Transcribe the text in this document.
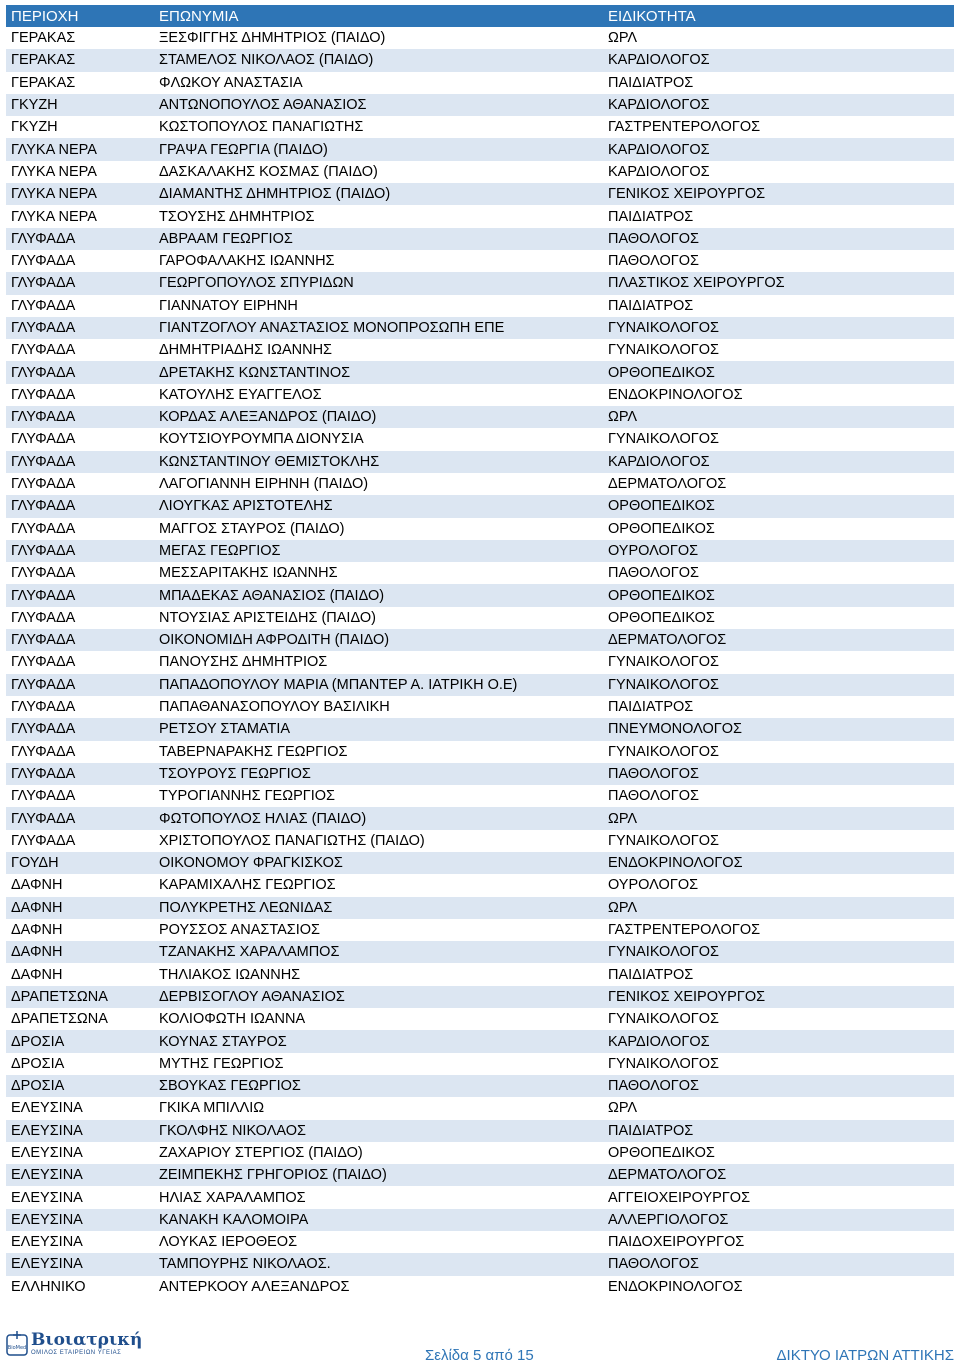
ΠΕΡΙΟΧΗ	ΕΠΩΝΥΜΙΑ	ΕΙΔΙΚΟΤΗΤΑ
ΓΕΡΑΚΑΣ	ΞΕΣΦΙΓΓΗΣ ΔΗΜΗΤΡΙΟΣ (ΠΑΙΔΟ)	ΩΡΛ
ΓΕΡΑΚΑΣ	ΣΤΑΜΕΛΟΣ ΝΙΚΟΛΑΟΣ (ΠΑΙΔΟ)	ΚΑΡΔΙΟΛΟΓΟΣ
ΓΕΡΑΚΑΣ	ΦΛΩΚΟΥ ΑΝΑΣΤΑΣΙΑ	ΠΑΙΔΙΑΤΡΟΣ
ΓΚΥΖΗ	ΑΝΤΩΝΟΠΟΥΛΟΣ ΑΘΑΝΑΣΙΟΣ	ΚΑΡΔΙΟΛΟΓΟΣ
ΓΚΥΖΗ	ΚΩΣΤΟΠΟΥΛΟΣ ΠΑΝΑΓΙΩΤΗΣ	ΓΑΣΤΡΕΝΤΕΡΟΛΟΓΟΣ
ΓΛΥΚΑ ΝΕΡΑ	ΓΡΑΨΑ ΓΕΩΡΓΙΑ (ΠΑΙΔΟ)	ΚΑΡΔΙΟΛΟΓΟΣ
ΓΛΥΚΑ ΝΕΡΑ	ΔΑΣΚΑΛΑΚΗΣ ΚΟΣΜΑΣ (ΠΑΙΔΟ)	ΚΑΡΔΙΟΛΟΓΟΣ
ΓΛΥΚΑ ΝΕΡΑ	ΔΙΑΜΑΝΤΗΣ ΔΗΜΗΤΡΙΟΣ (ΠΑΙΔΟ)	ΓΕΝΙΚΟΣ ΧΕΙΡΟΥΡΓΟΣ
ΓΛΥΚΑ ΝΕΡΑ	ΤΣΟΥΣΗΣ ΔΗΜΗΤΡΙΟΣ	ΠΑΙΔΙΑΤΡΟΣ
ΓΛΥΦΑΔΑ	ΑΒΡΑΑΜ ΓΕΩΡΓΙΟΣ	ΠΑΘΟΛΟΓΟΣ
ΓΛΥΦΑΔΑ	ΓΑΡΟΦΑΛΑΚΗΣ ΙΩΑΝΝΗΣ	ΠΑΘΟΛΟΓΟΣ
ΓΛΥΦΑΔΑ	ΓΕΩΡΓΟΠΟΥΛΟΣ ΣΠΥΡΙΔΩΝ	ΠΛΑΣΤΙΚΟΣ ΧΕΙΡΟΥΡΓΟΣ
ΓΛΥΦΑΔΑ	ΓΙΑΝΝΑΤΟΥ ΕΙΡΗΝΗ	ΠΑΙΔΙΑΤΡΟΣ
ΓΛΥΦΑΔΑ	ΓΙΑΝΤΖΟΓΛΟΥ ΑΝΑΣΤΑΣΙΟΣ ΜΟΝΟΠΡΟΣΩΠΗ ΕΠΕ	ΓΥΝΑΙΚΟΛΟΓΟΣ
ΓΛΥΦΑΔΑ	ΔΗΜΗΤΡΙΑΔΗΣ ΙΩΑΝΝΗΣ	ΓΥΝΑΙΚΟΛΟΓΟΣ
ΓΛΥΦΑΔΑ	ΔΡΕΤΑΚΗΣ ΚΩΝΣΤΑΝΤΙΝΟΣ	ΟΡΘΟΠΕΔΙΚΟΣ
ΓΛΥΦΑΔΑ	ΚΑΤΟΥΛΗΣ ΕΥΑΓΓΕΛΟΣ	ΕΝΔΟΚΡΙΝΟΛΟΓΟΣ
ΓΛΥΦΑΔΑ	ΚΟΡΔΑΣ ΑΛΕΞΑΝΔΡΟΣ (ΠΑΙΔΟ)	ΩΡΛ
ΓΛΥΦΑΔΑ	ΚΟΥΤΣΙΟΥΡΟΥΜΠΑ ΔΙΟΝΥΣΙΑ	ΓΥΝΑΙΚΟΛΟΓΟΣ
ΓΛΥΦΑΔΑ	ΚΩΝΣΤΑΝΤΙΝΟΥ ΘΕΜΙΣΤΟΚΛΗΣ	ΚΑΡΔΙΟΛΟΓΟΣ
ΓΛΥΦΑΔΑ	ΛΑΓΟΓΙΑΝΝΗ ΕΙΡΗΝΗ (ΠΑΙΔΟ)	ΔΕΡΜΑΤΟΛΟΓΟΣ
ΓΛΥΦΑΔΑ	ΛΙΟΥΓΚΑΣ ΑΡΙΣΤΟΤΕΛΗΣ	ΟΡΘΟΠΕΔΙΚΟΣ
ΓΛΥΦΑΔΑ	ΜΑΓΓΟΣ ΣΤΑΥΡΟΣ (ΠΑΙΔΟ)	ΟΡΘΟΠΕΔΙΚΟΣ
ΓΛΥΦΑΔΑ	ΜΕΓΑΣ ΓΕΩΡΓΙΟΣ	ΟΥΡΟΛΟΓΟΣ
ΓΛΥΦΑΔΑ	ΜΕΣΣΑΡΙΤΑΚΗΣ ΙΩΑΝΝΗΣ	ΠΑΘΟΛΟΓΟΣ
ΓΛΥΦΑΔΑ	ΜΠΑΔΕΚΑΣ ΑΘΑΝΑΣΙΟΣ (ΠΑΙΔΟ)	ΟΡΘΟΠΕΔΙΚΟΣ
ΓΛΥΦΑΔΑ	ΝΤΟΥΣΙΑΣ ΑΡΙΣΤΕΙΔΗΣ (ΠΑΙΔΟ)	ΟΡΘΟΠΕΔΙΚΟΣ
ΓΛΥΦΑΔΑ	ΟΙΚΟΝΟΜΙΔΗ ΑΦΡΟΔΙΤΗ (ΠΑΙΔΟ)	ΔΕΡΜΑΤΟΛΟΓΟΣ
ΓΛΥΦΑΔΑ	ΠΑΝΟΥΣΗΣ ΔΗΜΗΤΡΙΟΣ	ΓΥΝΑΙΚΟΛΟΓΟΣ
ΓΛΥΦΑΔΑ	ΠΑΠΑΔΟΠΟΥΛΟΥ ΜΑΡΙΑ (ΜΠΑΝΤΕΡ Α. ΙΑΤΡΙΚΗ Ο.Ε)	ΓΥΝΑΙΚΟΛΟΓΟΣ
ΓΛΥΦΑΔΑ	ΠΑΠΑΘΑΝΑΣΟΠΟΥΛΟΥ ΒΑΣΙΛΙΚΗ	ΠΑΙΔΙΑΤΡΟΣ
ΓΛΥΦΑΔΑ	ΡΕΤΣΟΥ ΣΤΑΜΑΤΙΑ	ΠΝΕΥΜΟΝΟΛΟΓΟΣ
ΓΛΥΦΑΔΑ	ΤΑΒΕΡΝΑΡΑΚΗΣ ΓΕΩΡΓΙΟΣ	ΓΥΝΑΙΚΟΛΟΓΟΣ
ΓΛΥΦΑΔΑ	ΤΣΟΥΡΟΥΣ ΓΕΩΡΓΙΟΣ	ΠΑΘΟΛΟΓΟΣ
ΓΛΥΦΑΔΑ	ΤΥΡΟΓΙΑΝΝΗΣ ΓΕΩΡΓΙΟΣ	ΠΑΘΟΛΟΓΟΣ
ΓΛΥΦΑΔΑ	ΦΩΤΟΠΟΥΛΟΣ ΗΛΙΑΣ (ΠΑΙΔΟ)	ΩΡΛ
ΓΛΥΦΑΔΑ	ΧΡΙΣΤΟΠΟΥΛΟΣ ΠΑΝΑΓΙΩΤΗΣ (ΠΑΙΔΟ)	ΓΥΝΑΙΚΟΛΟΓΟΣ
ΓΟΥΔΗ	ΟΙΚΟΝΟΜΟΥ ΦΡΑΓΚΙΣΚΟΣ	ΕΝΔΟΚΡΙΝΟΛΟΓΟΣ
ΔΑΦΝΗ	ΚΑΡΑΜΙΧΑΛΗΣ ΓΕΩΡΓΙΟΣ	ΟΥΡΟΛΟΓΟΣ
ΔΑΦΝΗ	ΠΟΛΥΚΡΕΤΗΣ ΛΕΩΝΙΔΑΣ	ΩΡΛ
ΔΑΦΝΗ	ΡΟΥΣΣΟΣ ΑΝΑΣΤΑΣΙΟΣ	ΓΑΣΤΡΕΝΤΕΡΟΛΟΓΟΣ
ΔΑΦΝΗ	ΤΖΑΝΑΚΗΣ ΧΑΡΑΛΑΜΠΟΣ	ΓΥΝΑΙΚΟΛΟΓΟΣ
ΔΑΦΝΗ	ΤΗΛΙΑΚΟΣ ΙΩΑΝΝΗΣ	ΠΑΙΔΙΑΤΡΟΣ
ΔΡΑΠΕΤΣΩΝΑ	ΔΕΡΒΙΣΟΓΛΟΥ ΑΘΑΝΑΣΙΟΣ	ΓΕΝΙΚΟΣ ΧΕΙΡΟΥΡΓΟΣ
ΔΡΑΠΕΤΣΩΝΑ	ΚΟΛΙΟΦΩΤΗ ΙΩΑΝΝΑ	ΓΥΝΑΙΚΟΛΟΓΟΣ
ΔΡΟΣΙΑ	ΚΟΥΝΑΣ ΣΤΑΥΡΟΣ	ΚΑΡΔΙΟΛΟΓΟΣ
ΔΡΟΣΙΑ	ΜΥΤΗΣ ΓΕΩΡΓΙΟΣ	ΓΥΝΑΙΚΟΛΟΓΟΣ
ΔΡΟΣΙΑ	ΣΒΟΥΚΑΣ ΓΕΩΡΓΙΟΣ	ΠΑΘΟΛΟΓΟΣ
ΕΛΕΥΣΙΝΑ	ΓΚΙΚΑ ΜΠΙΛΛΙΩ	ΩΡΛ
ΕΛΕΥΣΙΝΑ	ΓΚΟΛΦΗΣ ΝΙΚΟΛΑΟΣ	ΠΑΙΔΙΑΤΡΟΣ
ΕΛΕΥΣΙΝΑ	ΖΑΧΑΡΙΟΥ ΣΤΕΡΓΙΟΣ (ΠΑΙΔΟ)	ΟΡΘΟΠΕΔΙΚΟΣ
ΕΛΕΥΣΙΝΑ	ΖΕΙΜΠΕΚΗΣ ΓΡΗΓΟΡΙΟΣ (ΠΑΙΔΟ)	ΔΕΡΜΑΤΟΛΟΓΟΣ
ΕΛΕΥΣΙΝΑ	ΗΛΙΑΣ ΧΑΡΑΛΑΜΠΟΣ	ΑΓΓΕΙΟΧΕΙΡΟΥΡΓΟΣ
ΕΛΕΥΣΙΝΑ	ΚΑΝΑΚΗ ΚΑΛΟΜΟΙΡΑ	ΑΛΛΕΡΓΙΟΛΟΓΟΣ
ΕΛΕΥΣΙΝΑ	ΛΟΥΚΑΣ ΙΕΡΟΘΕΟΣ	ΠΑΙΔΟΧΕΙΡΟΥΡΓΟΣ
ΕΛΕΥΣΙΝΑ	ΤΑΜΠΟΥΡΗΣ ΝΙΚΟΛΑΟΣ.	ΠΑΘΟΛΟΓΟΣ
ΕΛΛΗΝΙΚΟ	ΑΝΤΕΡΚΟΟΥ ΑΛΕΞΑΝΔΡΟΣ	ΕΝΔΟΚΡΙΝΟΛΟΓΟΣ
BioMed Βιοιατρική
ΟΜΙΛΟΣ ΕΤΑΙΡΕΙΩΝ ΥΓΕΙΑΣ	Σελίδα 5 από 15	ΔΙΚΤΥΟ ΙΑΤΡΩΝ ΑΤΤΙΚΗΣ
